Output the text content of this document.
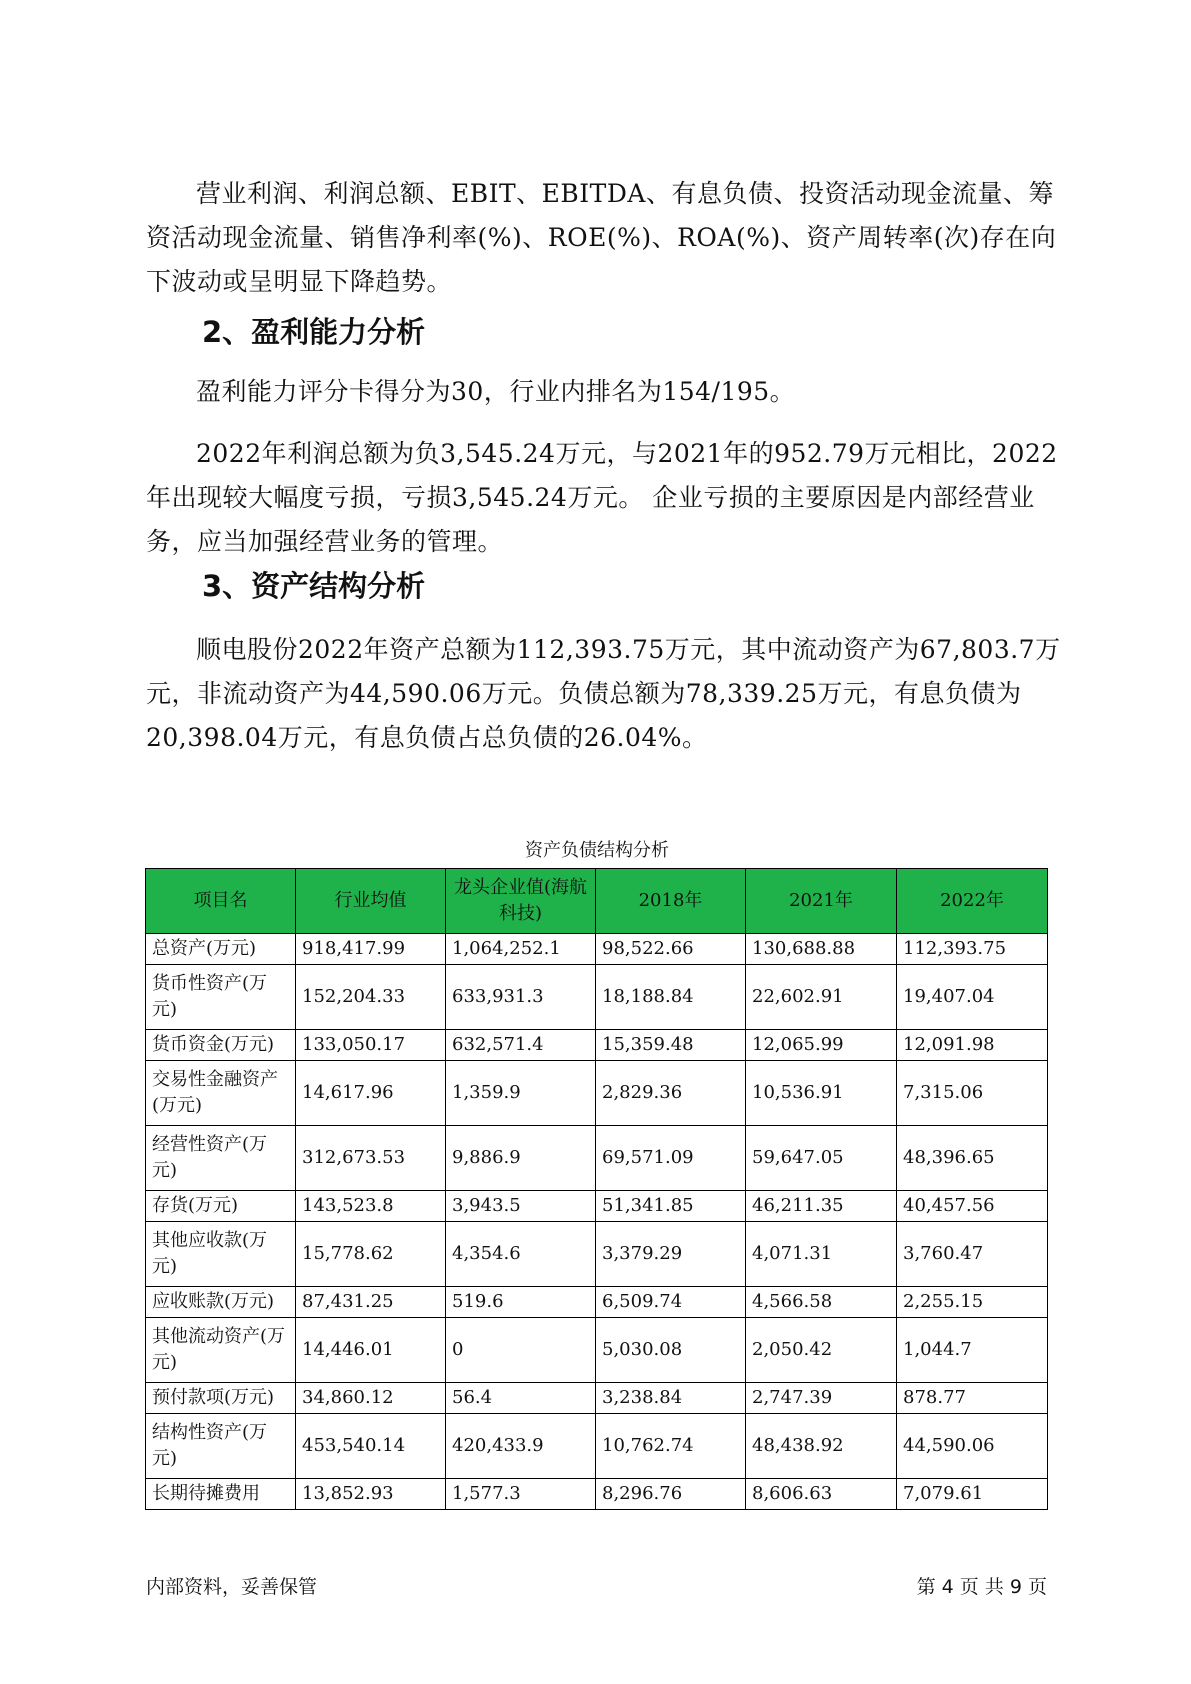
营业利润、利润总额、EBIT、EBITDA、有息负债、投资活动现金流量、筹资活动现金流量、销售净利率(%)、ROE(%)、ROA(%)、资产周转率(次)存在向下波动或呈明显下降趋势。

2、盈利能力分析

盈利能力评分卡得分为30，行业内排名为154/195。

2022年利润总额为负3,545.24万元，与2021年的952.79万元相比，2022年出现较大幅度亏损，亏损3,545.24万元。 企业亏损的主要原因是内部经营业务，应当加强经营业务的管理。

3、资产结构分析

顺电股份2022年资产总额为112,393.75万元，其中流动资产为67,803.7万元，非流动资产为44,590.06万元。负债总额为78,339.25万元，有息负债为20,398.04万元，有息负债占总负债的26.04%。

资产负债结构分析
项目名	行业均值	龙头企业值(海航科技)	2018年	2021年	2022年
总资产(万元)	918,417.99	1,064,252.1	98,522.66	130,688.88	112,393.75
货币性资产(万元)	152,204.33	633,931.3	18,188.84	22,602.91	19,407.04
货币资金(万元)	133,050.17	632,571.4	15,359.48	12,065.99	12,091.98
交易性金融资产(万元)	14,617.96	1,359.9	2,829.36	10,536.91	7,315.06
经营性资产(万元)	312,673.53	9,886.9	69,571.09	59,647.05	48,396.65
存货(万元)	143,523.8	3,943.5	51,341.85	46,211.35	40,457.56
其他应收款(万元)	15,778.62	4,354.6	3,379.29	4,071.31	3,760.47
应收账款(万元)	87,431.25	519.6	6,509.74	4,566.58	2,255.15
其他流动资产(万元)	14,446.01	0	5,030.08	2,050.42	1,044.7
预付款项(万元)	34,860.12	56.4	3,238.84	2,747.39	878.77
结构性资产(万元)	453,540.14	420,433.9	10,762.74	48,438.92	44,590.06
长期待摊费用	13,852.93	1,577.3	8,296.76	8,606.63	7,079.61
内部资料，妥善保管	第 4 页 共 9 页
